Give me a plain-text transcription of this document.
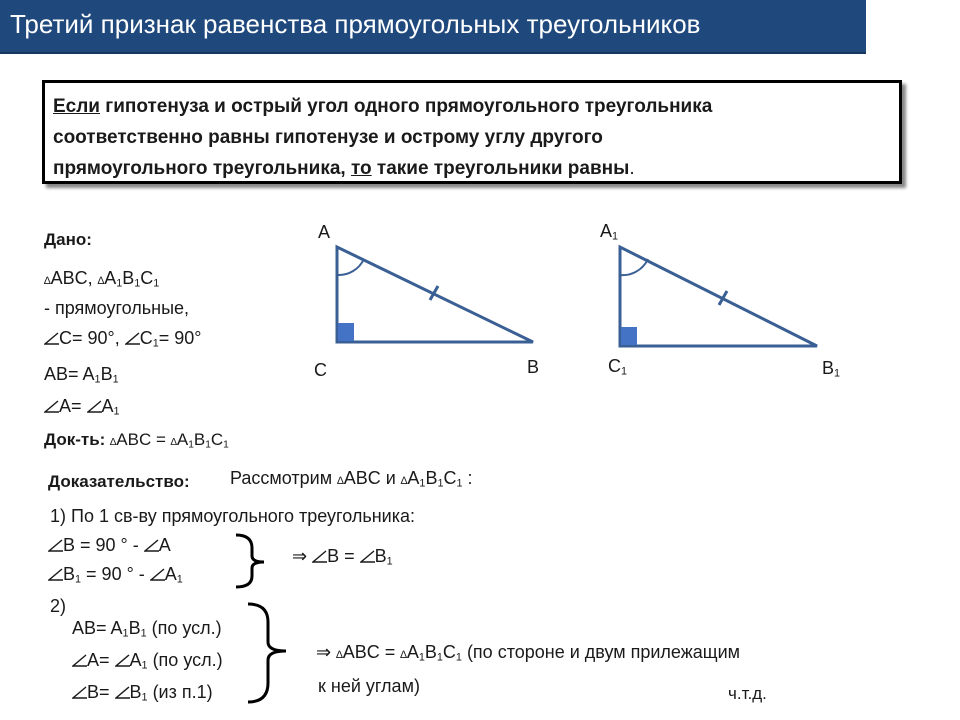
Третий признак равенства прямоугольных треугольников
Если гипотенуза и острый угол одного прямоугольного треугольника
соответственно равны гипотенузе и острому углу другого
прямоугольного треугольника, то такие треугольники равны.
Дано:
∆ABC, $\Delta A_1B_1C_1$
- прямоугольные,
C= 90°,
$C_1= 90^\circ$
$AB= A_1B_1$
A=
$A_1$
Док-ть: $\Delta ABC = \Delta A_1B_1C_1$
A
C	B
$A_1$
$C_1$	$B_1$
Доказательство: Рассмотрим ∆ABC и $\Delta A_1B_1C_1$ :
1) По 1 св-ву прямоугольного треугольника:
B = 90 ° -
A
$B_1 = 90$ ° -
$A_1$
⇒ B =
$B_1$
2)
$AB= A_1B_1$ (по усл.)
A=
$A_1$ (по усл.)
B=
$B_1$ (из п.1)
⇒ $\Delta ABC = \Delta A_1B_1C_1$ (по стороне и двум прилежащим
к ней углам)	ч.т.д.
